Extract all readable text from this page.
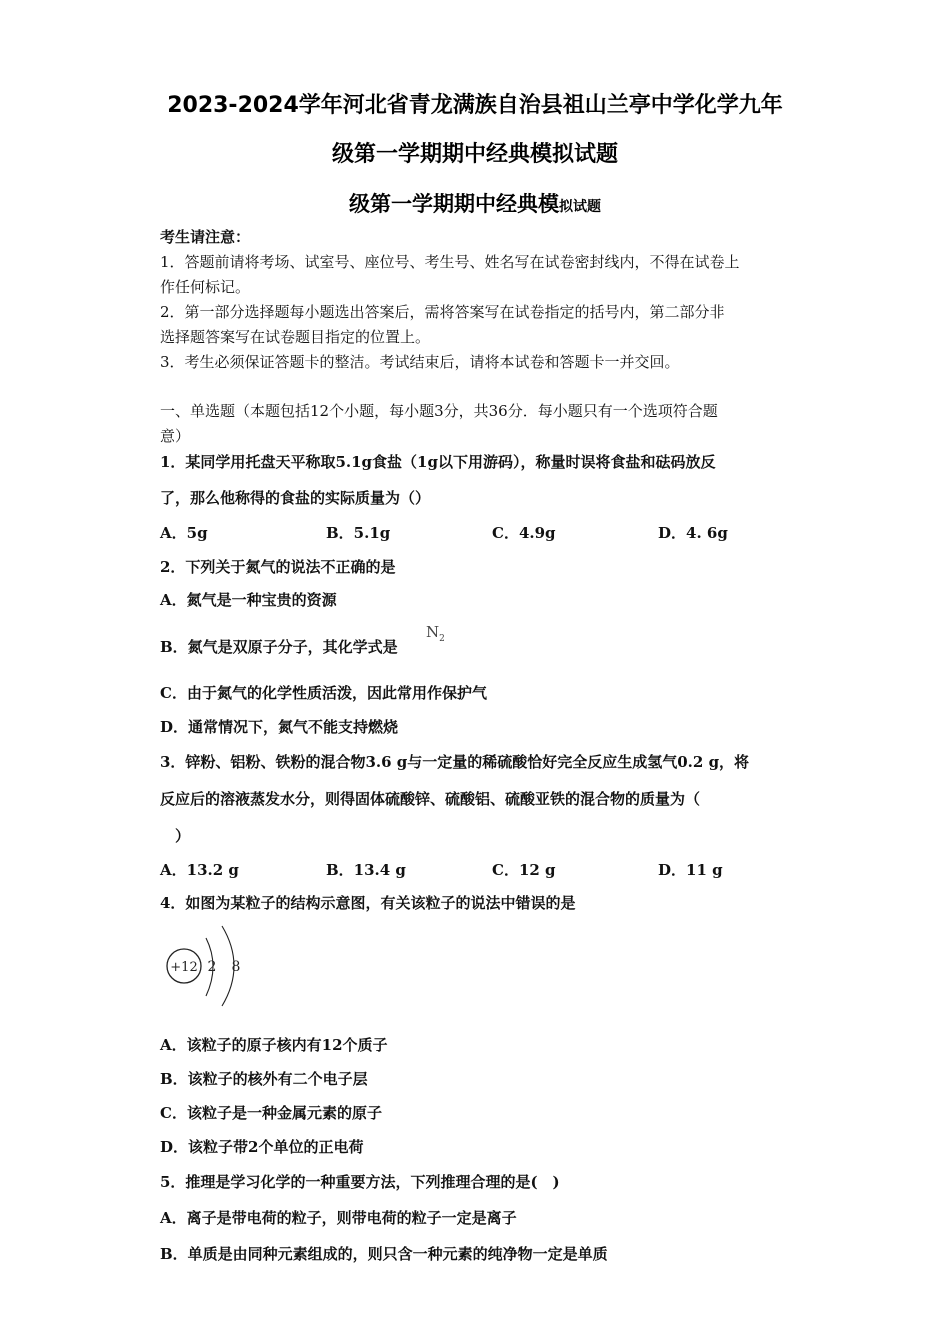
2023-2024学年河北省青龙满族自治县祖山兰亭中学化学九年
级第一学期期中经典模拟试题
级第一学期期中经典模拟试题
考生请注意：
1．答题前请将考场、试室号、座位号、考生号、姓名写在试卷密封线内，不得在试卷上
作任何标记。
2．第一部分选择题每小题选出答案后，需将答案写在试卷指定的括号内，第二部分非
选择题答案写在试卷题目指定的位置上。
3．考生必须保证答题卡的整洁。考试结束后，请将本试卷和答题卡一并交回。
一、单选题（本题包括12个小题，每小题3分，共36分．每小题只有一个选项符合题
意）
1．某同学用托盘天平称取5.1g食盐（1g以下用游码），称量时误将食盐和砝码放反
了，那么他称得的食盐的实际质量为（）
A．5g	B．5.1g	C．4.9g	D．4. 6g
2．下列关于氮气的说法不正确的是
A．氮气是一种宝贵的资源
B．氮气是双原子分子，其化学式是
$N_2$
C．由于氮气的化学性质活泼，因此常用作保护气
D．通常情况下，氮气不能支持燃烧
3．锌粉、铝粉、铁粉的混合物3.6 g与一定量的稀硫酸恰好完全反应生成氢气0.2 g，将
反应后的溶液蒸发水分，则得固体硫酸锌、硫酸铝、硫酸亚铁的混合物的质量为（
）
A．13.2 g	B．13.4 g	C．12 g	D．11 g
4．如图为某粒子的结构示意图，有关该粒子的说法中错误的是
+12 2 8
A．该粒子的原子核内有12个质子
B．该粒子的核外有二个电子层
C．该粒子是一种金属元素的原子
D．该粒子带2个单位的正电荷
5．推理是学习化学的一种重要方法，下列推理合理的是(　)
A．离子是带电荷的粒子，则带电荷的粒子一定是离子
B．单质是由同种元素组成的，则只含一种元素的纯净物一定是单质
